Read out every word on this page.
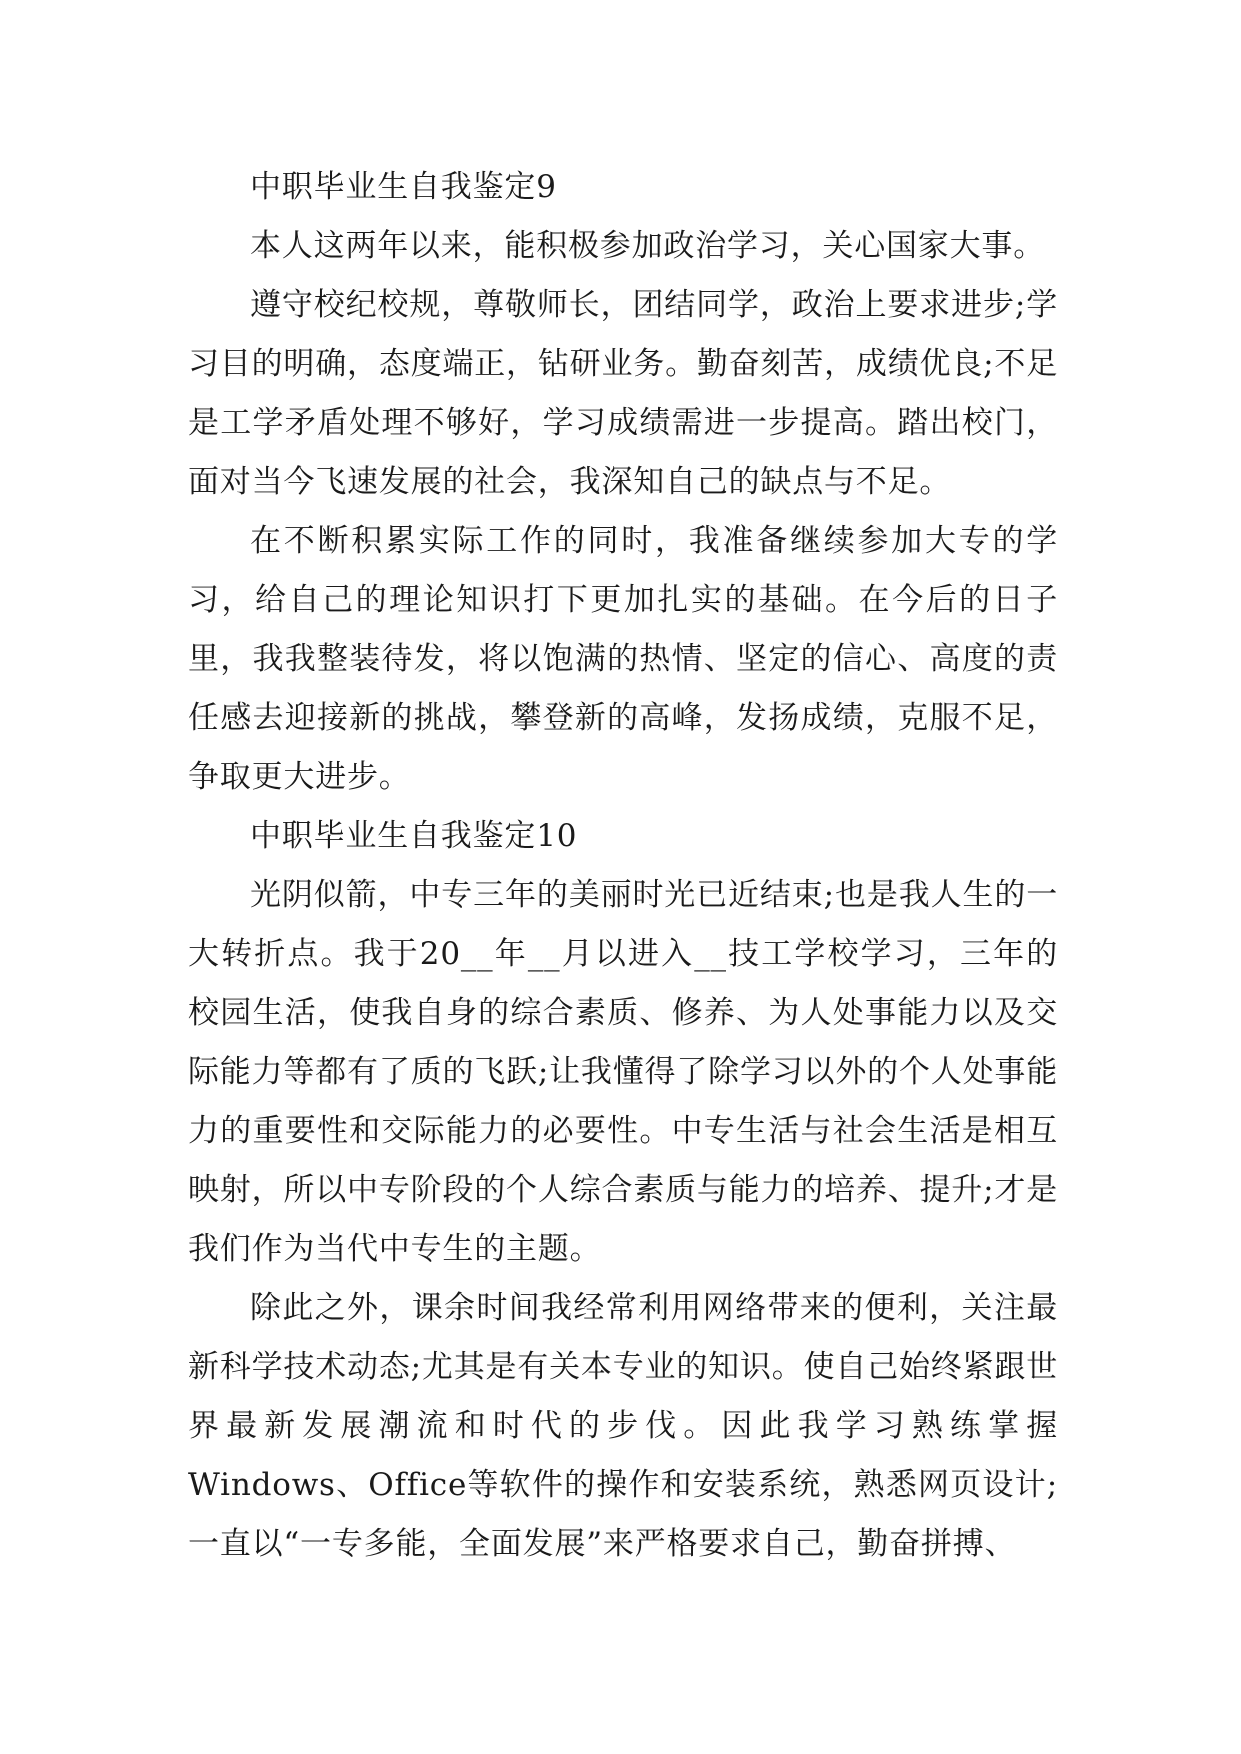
中职毕业生自我鉴定9

本人这两年以来，能积极参加政治学习，关心国家大事。

遵守校纪校规，尊敬师长，团结同学，政治上要求进步;学习目的明确，态度端正，钻研业务。勤奋刻苦，成绩优良;不足是工学矛盾处理不够好，学习成绩需进一步提高。踏出校门，面对当今飞速发展的社会，我深知自己的缺点与不足。

在不断积累实际工作的同时，我准备继续参加大专的学习，给自己的理论知识打下更加扎实的基础。在今后的日子里，我我整装待发，将以饱满的热情、坚定的信心、高度的责任感去迎接新的挑战，攀登新的高峰，发扬成绩，克服不足，争取更大进步。

中职毕业生自我鉴定10

光阴似箭，中专三年的美丽时光已近结束;也是我人生的一大转折点。我于20__年__月以进入__技工学校学习，三年的校园生活，使我自身的综合素质、修养、为人处事能力以及交际能力等都有了质的飞跃;让我懂得了除学习以外的个人处事能力的重要性和交际能力的必要性。中专生活与社会生活是相互映射，所以中专阶段的个人综合素质与能力的培养、提升;才是我们作为当代中专生的主题。

除此之外，课余时间我经常利用网络带来的便利，关注最新科学技术动态;尤其是有关本专业的知识。使自己始终紧跟世界最新发展潮流和时代的步伐。因此我学习熟练掌握Windows、Office等软件的操作和安装系统，熟悉网页设计;一直以“一专多能，全面发展”来严格要求自己，勤奋拼搏、
